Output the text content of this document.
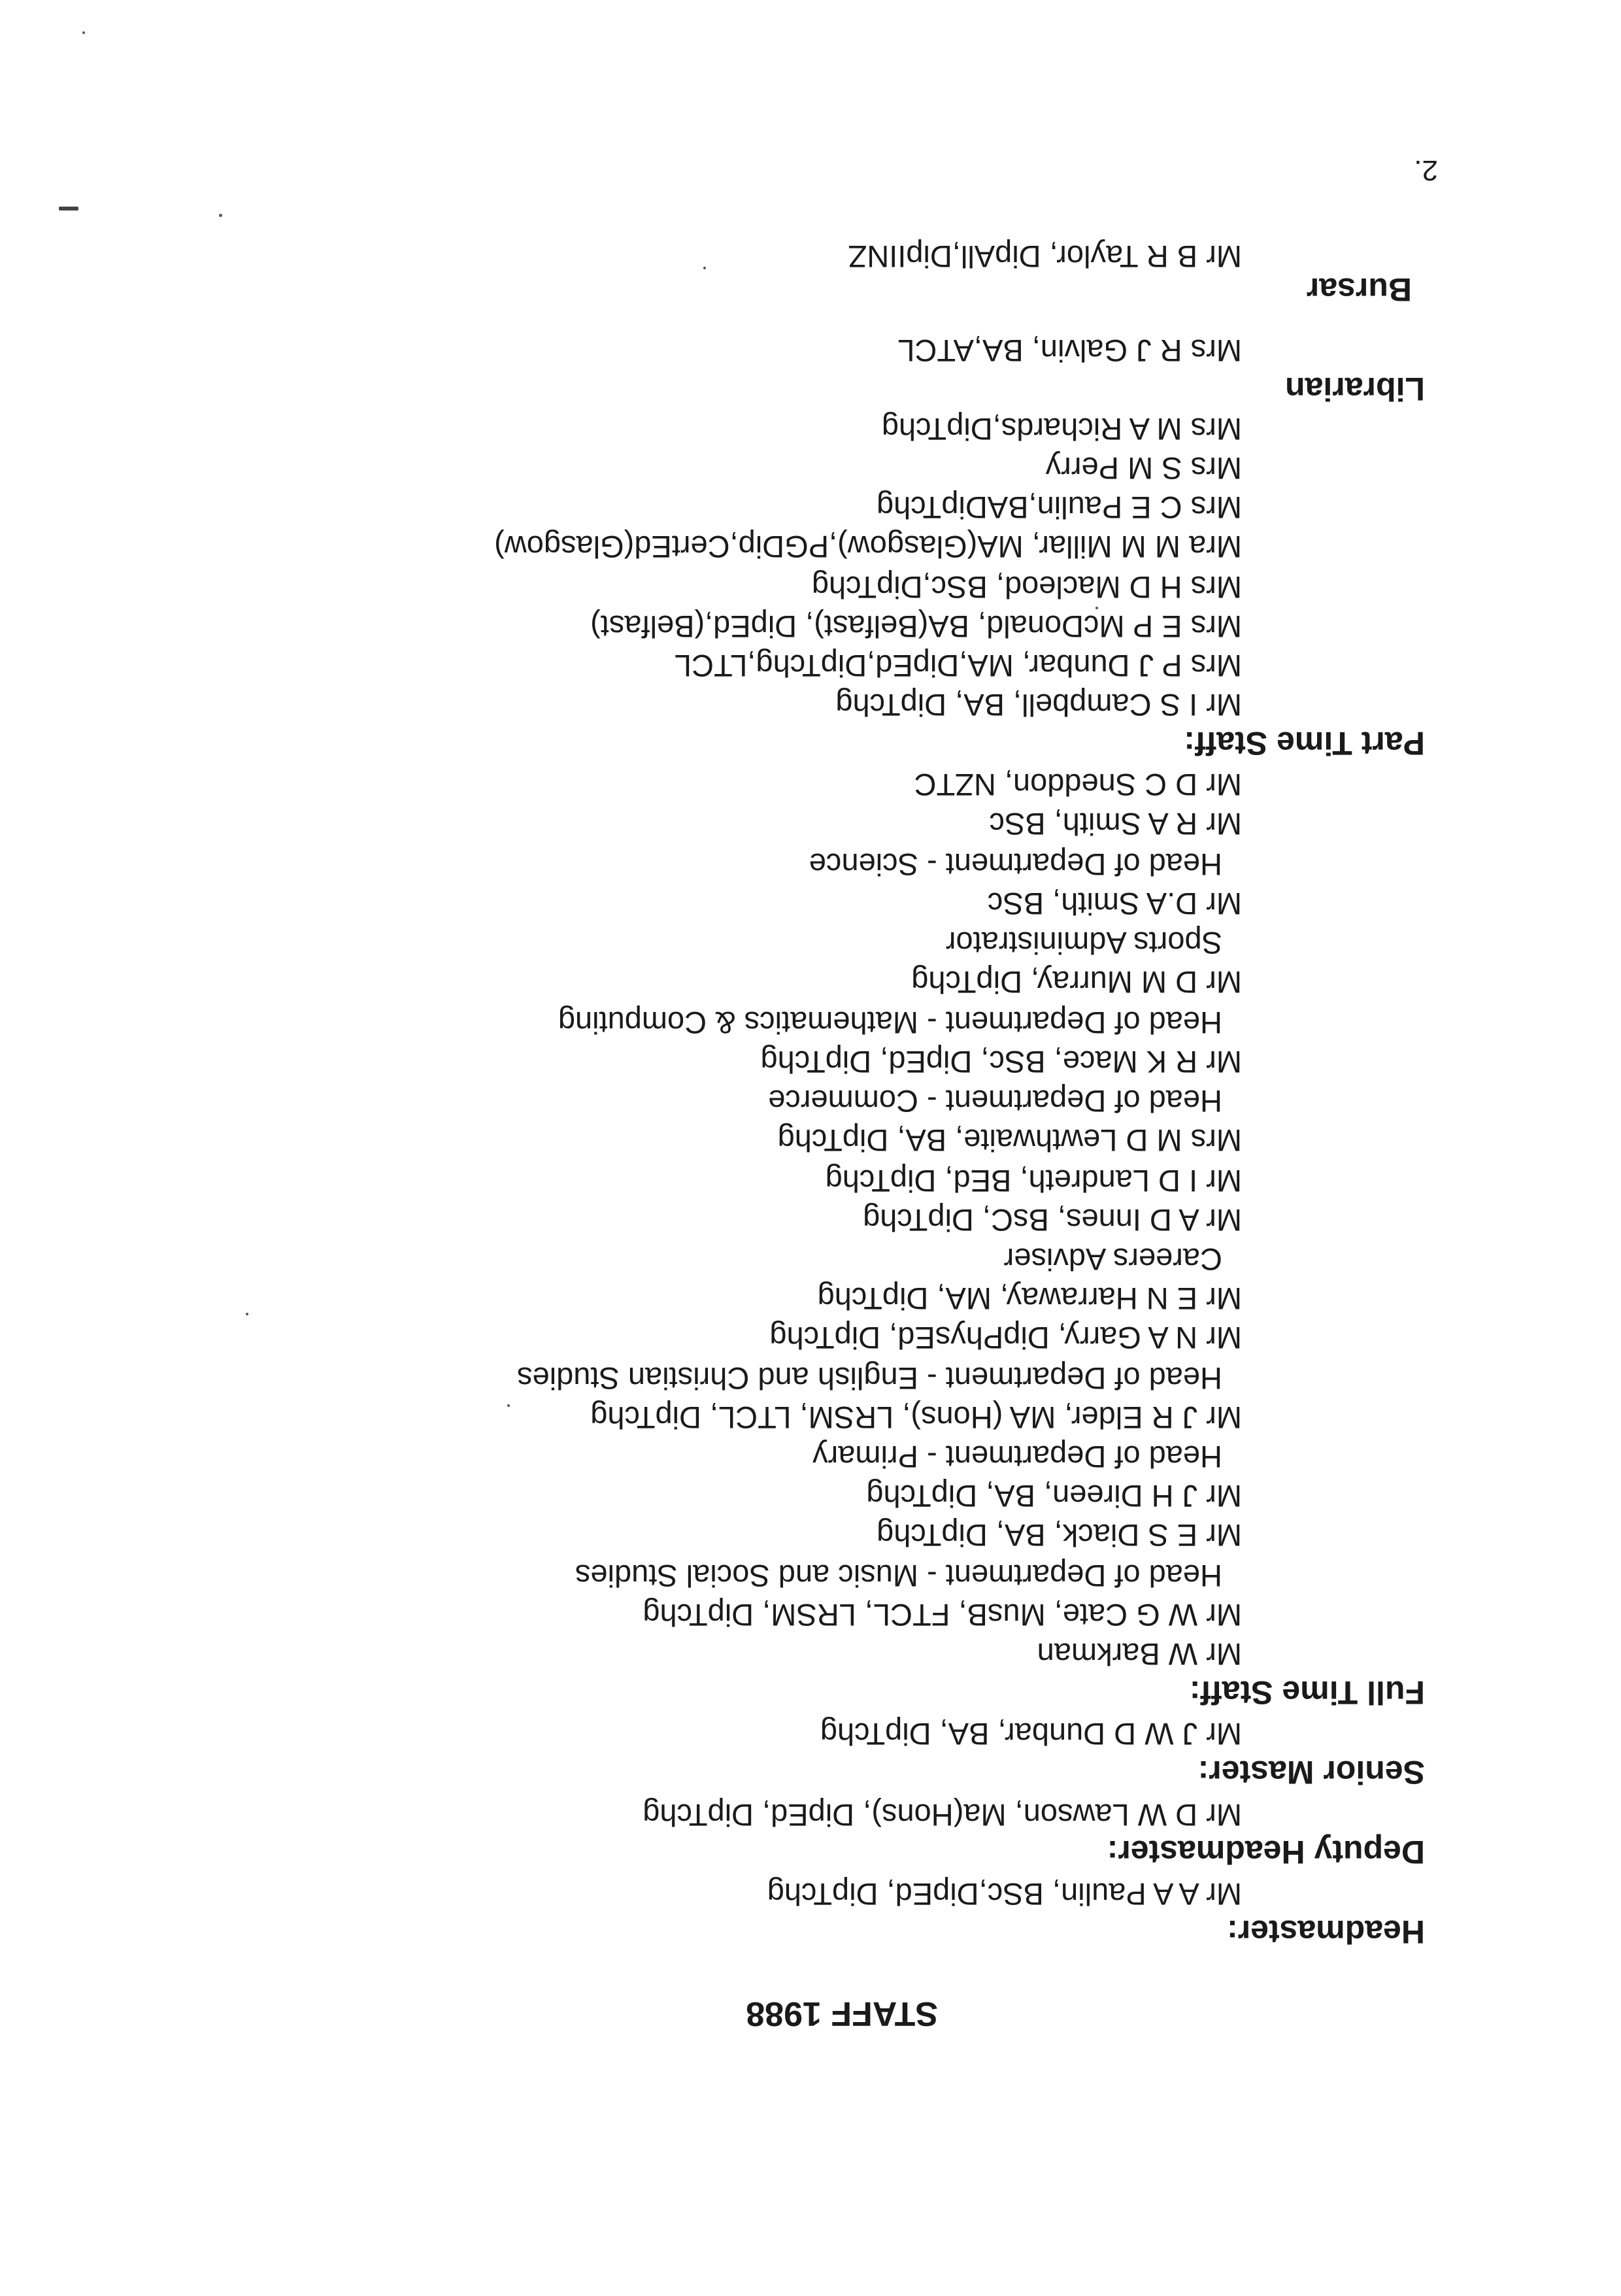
STAFF 1988
Headmaster:
Mr A A Paulin, BSc,DipEd, DipTchg
Deputy Headmaster:
Mr D W Lawson, Ma(Hons), DipEd, DipTchg
Senior Master:
Mr J W D Dunbar, BA, DipTchg
Full Time Staff:
Mr W Barkman
Mr W G Cate, MusB, FTCL, LRSM, DipTchg
Head of Department - Music and Social Studies
Mr E S Diack, BA, DipTchg
Mr J H Direen, BA, DipTchg
Head of Department - Primary
Mr J R Elder, MA (Hons), LRSM, LTCL, DipTchg
Head of Department - English and Christian Studies
Mr N A Garry, DipPhysEd, DipTchg
Mr E N Harraway, MA, DipTchg
Careers Adviser
Mr A D Innes, BsC, DipTchg
Mr I D Landreth, BEd, DipTchg
Mrs M D Lewthwaite, BA, DipTchg
Head of Department - Commerce
Mr R K Mace, BSc, DipEd, DipTchg
Head of Department - Mathematics & Computing
Mr D M Murray, DipTchg
Sports Administrator
Mr D.A Smith, BSc
Head of Department - Science
Mr R A Smith, BSc
Mr D C Sneddon, NZTC
Part Time Staff:
Mr I S Campbell, BA, DipTchg
Mrs P J Dunbar, MA,DipEd,DipTchg,LTCL
Mrs E P McDonald, BA(Belfast), DipEd,(Belfast)
Mrs H D Macleod, BSc,DipTchg
Mra M M Millar, MA(Glasgow),PGDip,CertEd(Glasgow)
Mrs C E Paulin,BADipTchg
Mrs S M Perry
Mrs M A Richards,DipTchg
Librarian
Mrs R J Galvin, BA,ATCL
Bursar
Mr B R Taylor, DipAll,DipIINZ
2.
